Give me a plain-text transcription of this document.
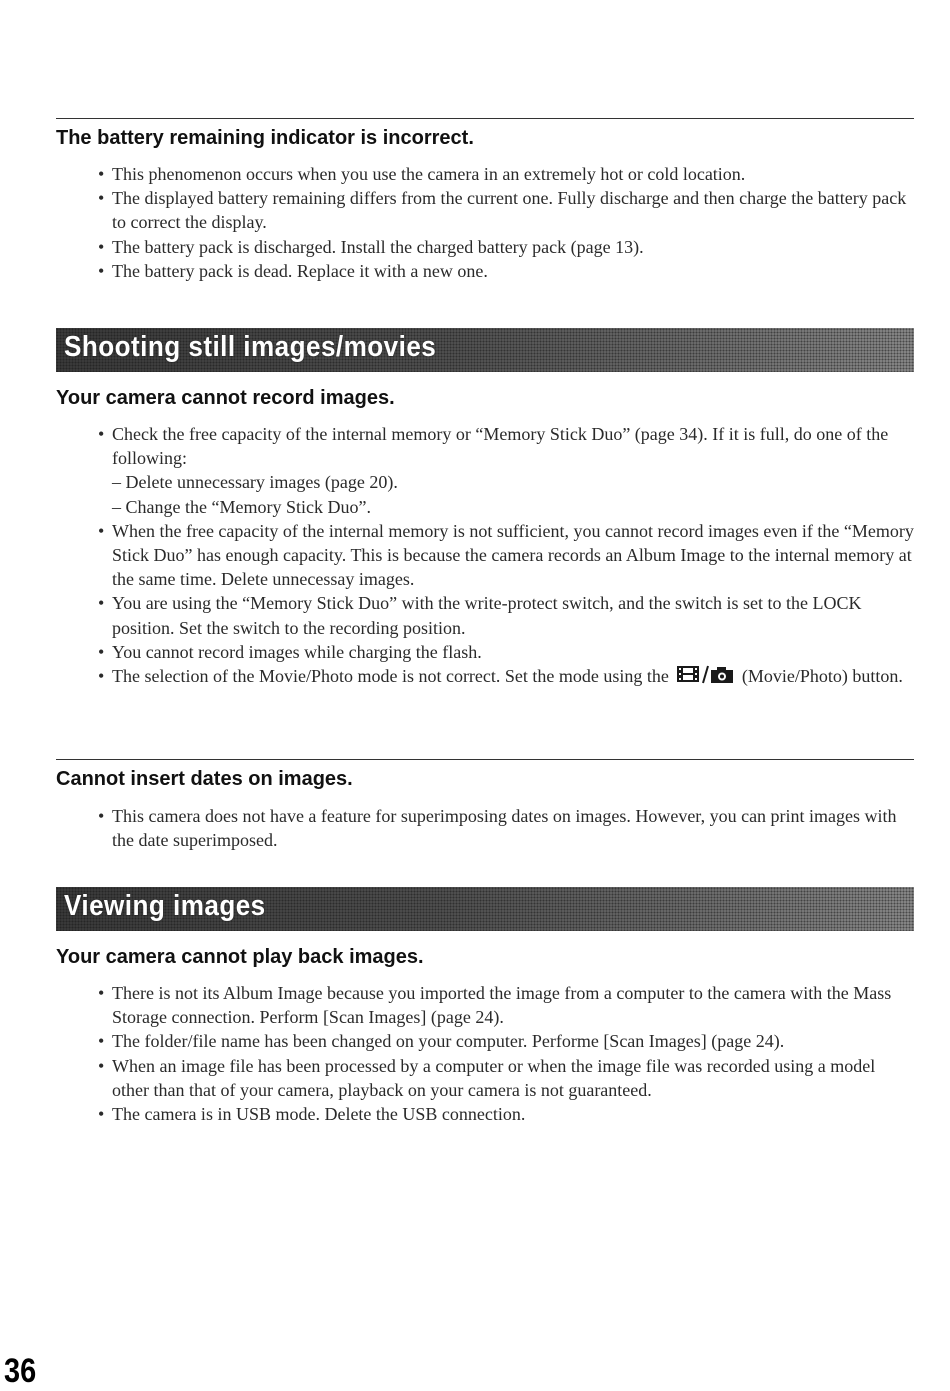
The battery remaining indicator is incorrect.
• This phenomenon occurs when you use the camera in an extremely hot or cold location.
• The displayed battery remaining differs from the current one. Fully discharge and then charge the battery pack to correct the display.
• The battery pack is discharged. Install the charged battery pack (page 13).
• The battery pack is dead. Replace it with a new one.
Shooting still images/movies
Your camera cannot record images.
• Check the free capacity of the internal memory or “Memory Stick Duo” (page 34). If it is full, do one of the following:
– Delete unnecessary images (page 20).
– Change the “Memory Stick Duo”.
• When the free capacity of the internal memory is not sufficient, you cannot record images even if the “Memory Stick Duo” has enough capacity. This is because the camera records an Album Image to the internal memory at the same time. Delete unnecessay images.
• You are using the “Memory Stick Duo” with the write-protect switch, and the switch is set to the LOCK position. Set the switch to the recording position.
• You cannot record images while charging the flash.
• The selection of the Movie/Photo mode is not correct. Set the mode using the	(Movie/Photo) button.
Cannot insert dates on images.
• This camera does not have a feature for superimposing dates on images. However, you can print images with the date superimposed.
Viewing images
Your camera cannot play back images.
• There is not its Album Image because you imported the image from a computer to the camera with the Mass Storage connection. Perform [Scan Images] (page 24).
• The folder/file name has been changed on your computer. Performe [Scan Images] (page 24).
• When an image file has been processed by a computer or when the image file was recorded using a model other than that of your camera, playback on your camera is not guaranteed.
• The camera is in USB mode. Delete the USB connection.
36
